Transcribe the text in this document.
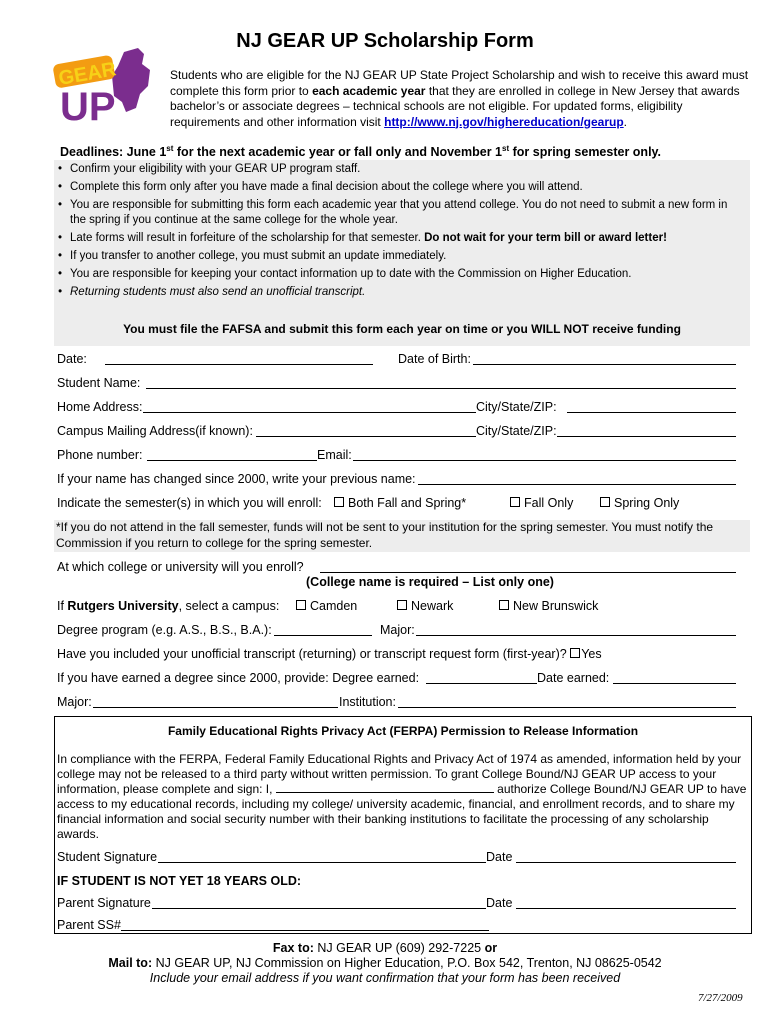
NJ GEAR UP Scholarship Form
GEAR
UP
Students who are eligible for the NJ GEAR UP State Project Scholarship and wish to receive this award must complete this form prior to each academic year that they are enrolled in college in New Jersey that awards bachelor’s or associate degrees – technical schools are not eligible. For updated forms, eligibility requirements and other information visit http://www.nj.gov/highereducation/gearup.
Deadlines: June 1st for the next academic year or fall only and November 1st for spring semester only.
• Confirm your eligibility with your GEAR UP program staff.
• Complete this form only after you have made a final decision about the college where you will attend.
• You are responsible for submitting this form each academic year that you attend college. You do not need to submit a new form in the spring if you continue at the same college for the whole year.
• Late forms will result in forfeiture of the scholarship for that semester. Do not wait for your term bill or award letter!
• If you transfer to another college, you must submit an update immediately.
• You are responsible for keeping your contact information up to date with the Commission on Higher Education.
• Returning students must also send an unofficial transcript.
You must file the FAFSA and submit this form each year on time or you WILL NOT receive funding
Date:	Date of Birth:
Student Name:
Home Address:	City/State/ZIP:
Campus Mailing Address(if known):	City/State/ZIP:
Phone number:	Email:
If your name has changed since 2000, write your previous name:
Indicate the semester(s) in which you will enroll:	Both Fall and Spring*	Fall Only	Spring Only
*If you do not attend in the fall semester, funds will not be sent to your institution for the spring semester. You must notify the Commission if you return to college for the spring semester.
At which college or university will you enroll?
(College name is required – List only one)
If Rutgers University, select a campus:	Camden	Newark	New Brunswick
Degree program (e.g. A.S., B.S., B.A.):	Major:
Have you included your unofficial transcript (returning) or transcript request form (first-year)? Yes
If you have earned a degree since 2000, provide: Degree earned:	Date earned:
Major:	Institution:
Family Educational Rights Privacy Act (FERPA) Permission to Release Information
In compliance with the FERPA, Federal Family Educational Rights and Privacy Act of 1974 as amended, information held by your college may not be released to a third party without written permission. To grant College Bound/NJ GEAR UP access to your information, please complete and sign: I,	authorize College Bound/NJ GEAR UP to have access to my educational records, including my college/ university academic, financial, and enrollment records, and to share my financial information and social security number with their banking institutions to facilitate the processing of any scholarship awards.
Student Signature	Date
IF STUDENT IS NOT YET 18 YEARS OLD:
Parent Signature	Date
Parent SS#
Fax to: NJ GEAR UP (609) 292-7225 or
Mail to: NJ GEAR UP, NJ Commission on Higher Education, P.O. Box 542, Trenton, NJ 08625-0542
Include your email address if you want confirmation that your form has been received
7/27/2009
